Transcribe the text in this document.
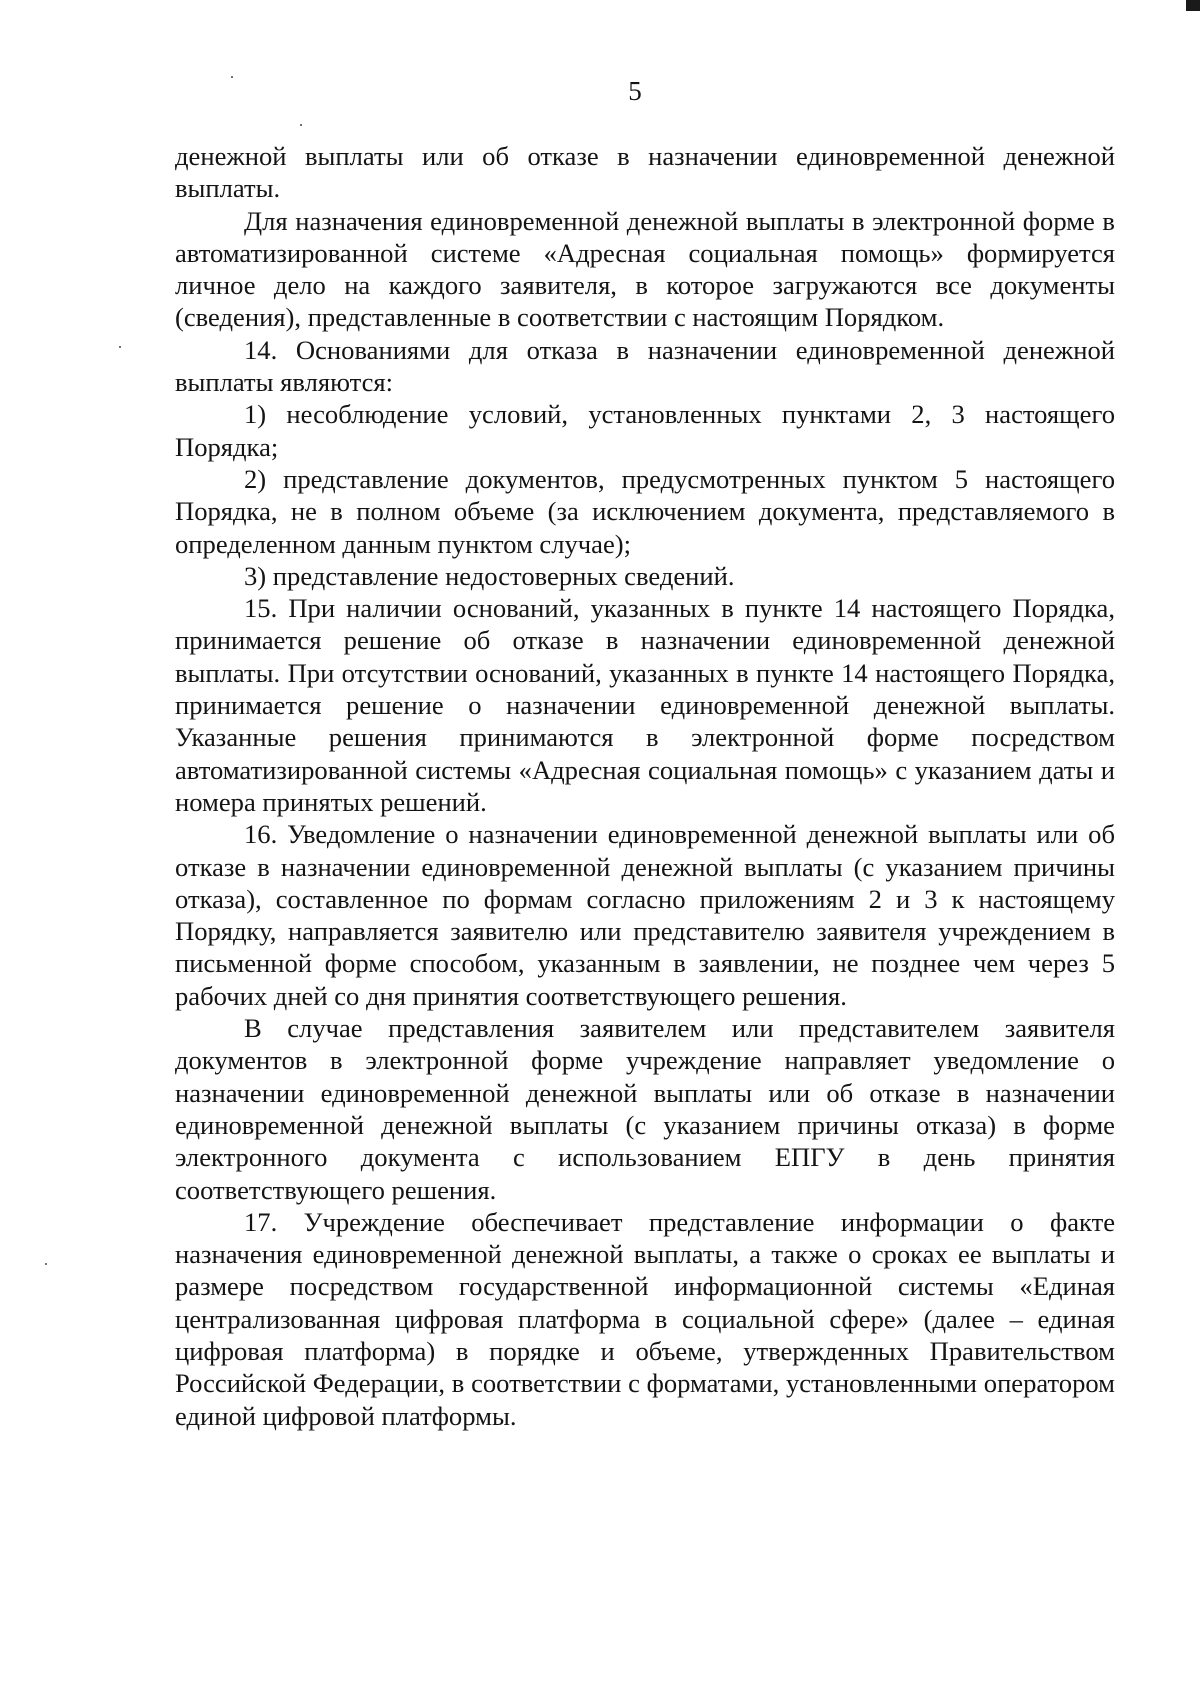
5

денежной выплаты или об отказе в назначении единовременной денежной выплаты.

Для назначения единовременной денежной выплаты в электронной форме в автоматизированной системе «Адресная социальная помощь» формируется личное дело на каждого заявителя, в которое загружаются все документы (сведения), представленные в соответствии с настоящим Порядком.

14. Основаниями для отказа в назначении единовременной денежной выплаты являются:

1) несоблюдение условий, установленных пунктами 2, 3 настоящего Порядка;

2) представление документов, предусмотренных пунктом 5 настоящего Порядка, не в полном объеме (за исключением документа, представляемого в определенном данным пунктом случае);

3) представление недостоверных сведений.

15. При наличии оснований, указанных в пункте 14 настоящего Порядка, принимается решение об отказе в назначении единовременной денежной выплаты. При отсутствии оснований, указанных в пункте 14 настоящего Порядка, принимается решение о назначении единовременной денежной выплаты. Указанные решения принимаются в электронной форме посредством автоматизированной системы «Адресная социальная помощь» с указанием даты и номера принятых решений.

16. Уведомление о назначении единовременной денежной выплаты или об отказе в назначении единовременной денежной выплаты (с указанием причины отказа), составленное по формам согласно приложениям 2 и 3 к настоящему Порядку, направляется заявителю или представителю заявителя учреждением в письменной форме способом, указанным в заявлении, не позднее чем через 5 рабочих дней со дня принятия соответствующего решения.

В случае представления заявителем или представителем заявителя документов в электронной форме учреждение направляет уведомление о назначении единовременной денежной выплаты или об отказе в назначении единовременной денежной выплаты (с указанием причины отказа) в форме электронного документа с использованием ЕПГУ в день принятия соответствующего решения.

17. Учреждение обеспечивает представление информации о факте назначения единовременной денежной выплаты, а также о сроках ее выплаты и размере посредством государственной информационной системы «Единая централизованная цифровая платформа в социальной сфере» (далее – единая цифровая платформа) в порядке и объеме, утвержденных Правительством Российской Федерации, в соответствии с форматами, установленными оператором единой цифровой платформы.
